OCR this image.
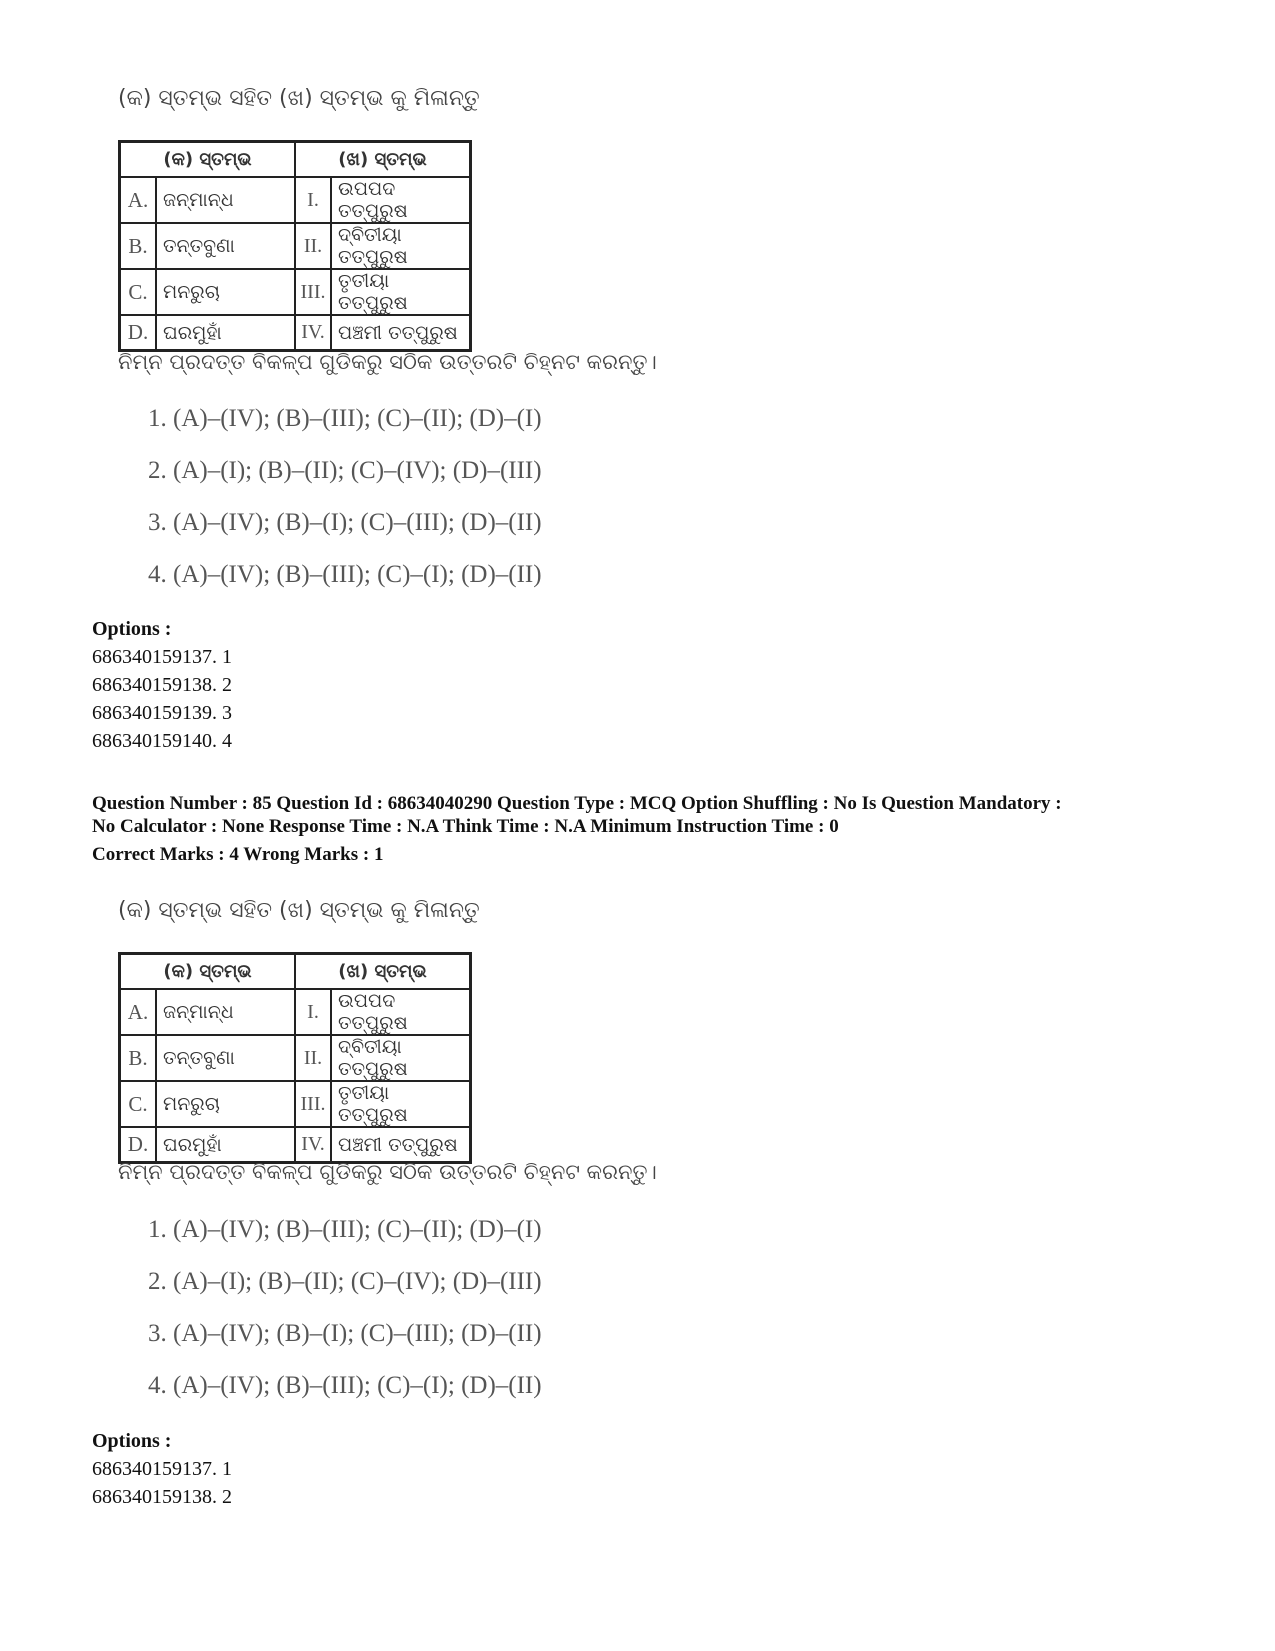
(କ) ସ୍ତମ୍ଭ ସହିତ (ଖ) ସ୍ତମ୍ଭ କୁ ମିଳାନ୍ତୁ
(କ) ସ୍ତମ୍ଭ		(ଖ) ସ୍ତମ୍ଭ	
A.	ଜନ୍ମାନ୍ଧ	I.	ଉପପଦ ତତ୍ପୁରୁଷ
B.	ତନ୍ତବୁଣା	II.	ଦ୍ବିତୀୟା ତତ୍ପୁରୁଷ
C.	ମନରୁଚା	III.	ତୃତୀୟା ତତ୍ପୁରୁଷ
D.	ଘରମୁହାଁ	IV.	ପଞ୍ଚମୀ ତତ୍ପୁରୁଷ
ନିମ୍ନ ପ୍ରଦତ୍ତ ବିକଳ୍ପ ଗୁଡିକରୁ ସଠିକ ଉତ୍ତରଟି ଚିହ୍ନଟ କରନ୍ତୁ।
1. (A)–(IV); (B)–(III); (C)–(II); (D)–(I)
2. (A)–(I); (B)–(II); (C)–(IV); (D)–(III)
3. (A)–(IV); (B)–(I); (C)–(III); (D)–(II)
4. (A)–(IV); (B)–(III); (C)–(I); (D)–(II)
Options :
686340159137. 1
686340159138. 2
686340159139. 3
686340159140. 4
Question Number : 85 Question Id : 68634040290 Question Type : MCQ Option Shuffling : No Is Question Mandatory :
No Calculator : None Response Time : N.A Think Time : N.A Minimum Instruction Time : 0
Correct Marks : 4 Wrong Marks : 1
(କ) ସ୍ତମ୍ଭ ସହିତ (ଖ) ସ୍ତମ୍ଭ କୁ ମିଳାନ୍ତୁ
(କ) ସ୍ତମ୍ଭ		(ଖ) ସ୍ତମ୍ଭ	
A.	ଜନ୍ମାନ୍ଧ	I.	ଉପପଦ ତତ୍ପୁରୁଷ
B.	ତନ୍ତବୁଣା	II.	ଦ୍ବିତୀୟା ତତ୍ପୁରୁଷ
C.	ମନରୁଚା	III.	ତୃତୀୟା ତତ୍ପୁରୁଷ
D.	ଘରମୁହାଁ	IV.	ପଞ୍ଚମୀ ତତ୍ପୁରୁଷ
ନିମ୍ନ ପ୍ରଦତ୍ତ ବିକଳ୍ପ ଗୁଡିକରୁ ସଠିକ ଉତ୍ତରଟି ଚିହ୍ନଟ କରନ୍ତୁ।
1. (A)–(IV); (B)–(III); (C)–(II); (D)–(I)
2. (A)–(I); (B)–(II); (C)–(IV); (D)–(III)
3. (A)–(IV); (B)–(I); (C)–(III); (D)–(II)
4. (A)–(IV); (B)–(III); (C)–(I); (D)–(II)
Options :
686340159137. 1
686340159138. 2
